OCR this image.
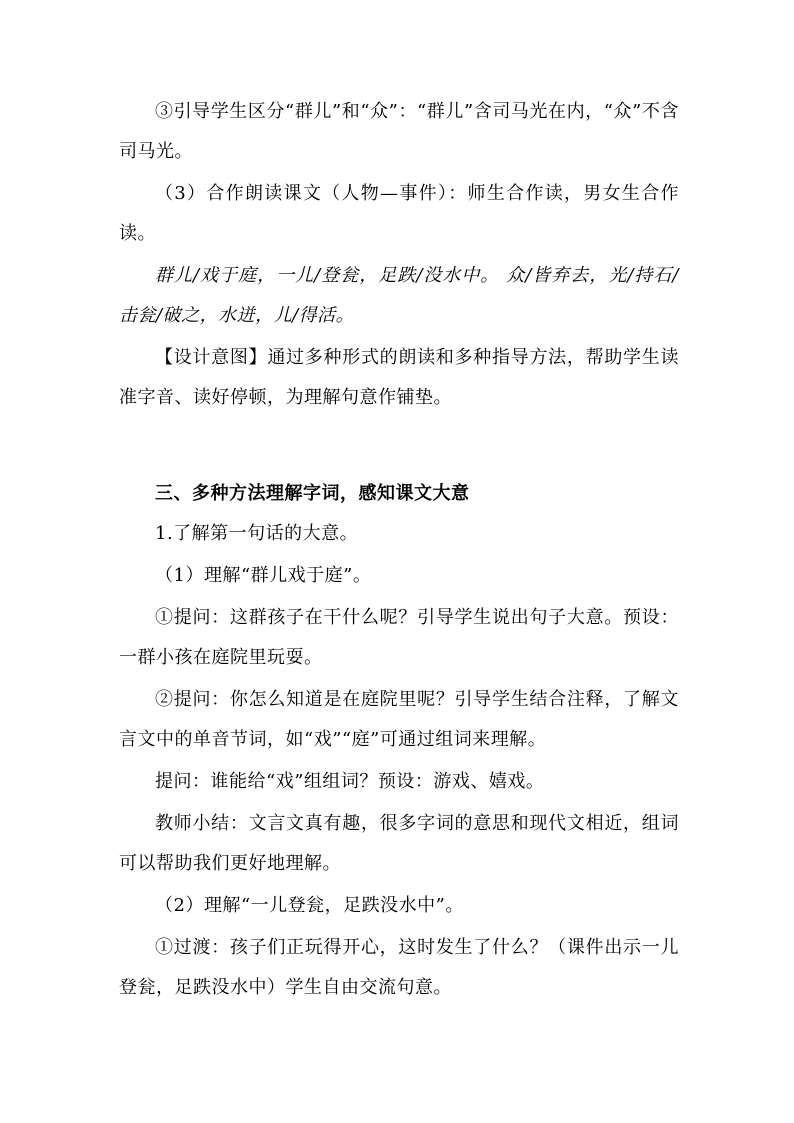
③引导学生区分“群儿”和“众”：“群儿”含司马光在内，“众”不含司马光。

（3）合作朗读课文（人物—事件）：师生合作读，男女生合作读。

群儿/戏于庭，一儿/登瓮，足跌/没水中。 众/皆弃去，光/持石/击瓮/破之，水迸，儿/得活。

【设计意图】通过多种形式的朗读和多种指导方法，帮助学生读准字音、读好停顿，为理解句意作铺垫。

三、多种方法理解字词，感知课文大意

1.了解第一句话的大意。

（1）理解“群儿戏于庭”。

①提问：这群孩子在干什么呢？引导学生说出句子大意。预设：一群小孩在庭院里玩耍。

②提问：你怎么知道是在庭院里呢？引导学生结合注释，了解文言文中的单音节词，如“戏”“庭”可通过组词来理解。

提问：谁能给“戏”组组词？预设：游戏、嬉戏。

教师小结：文言文真有趣，很多字词的意思和现代文相近，组词可以帮助我们更好地理解。

（2）理解“一儿登瓮，足跌没水中”。

①过渡：孩子们正玩得开心，这时发生了什么？（课件出示一儿登瓮，足跌没水中）学生自由交流句意。
